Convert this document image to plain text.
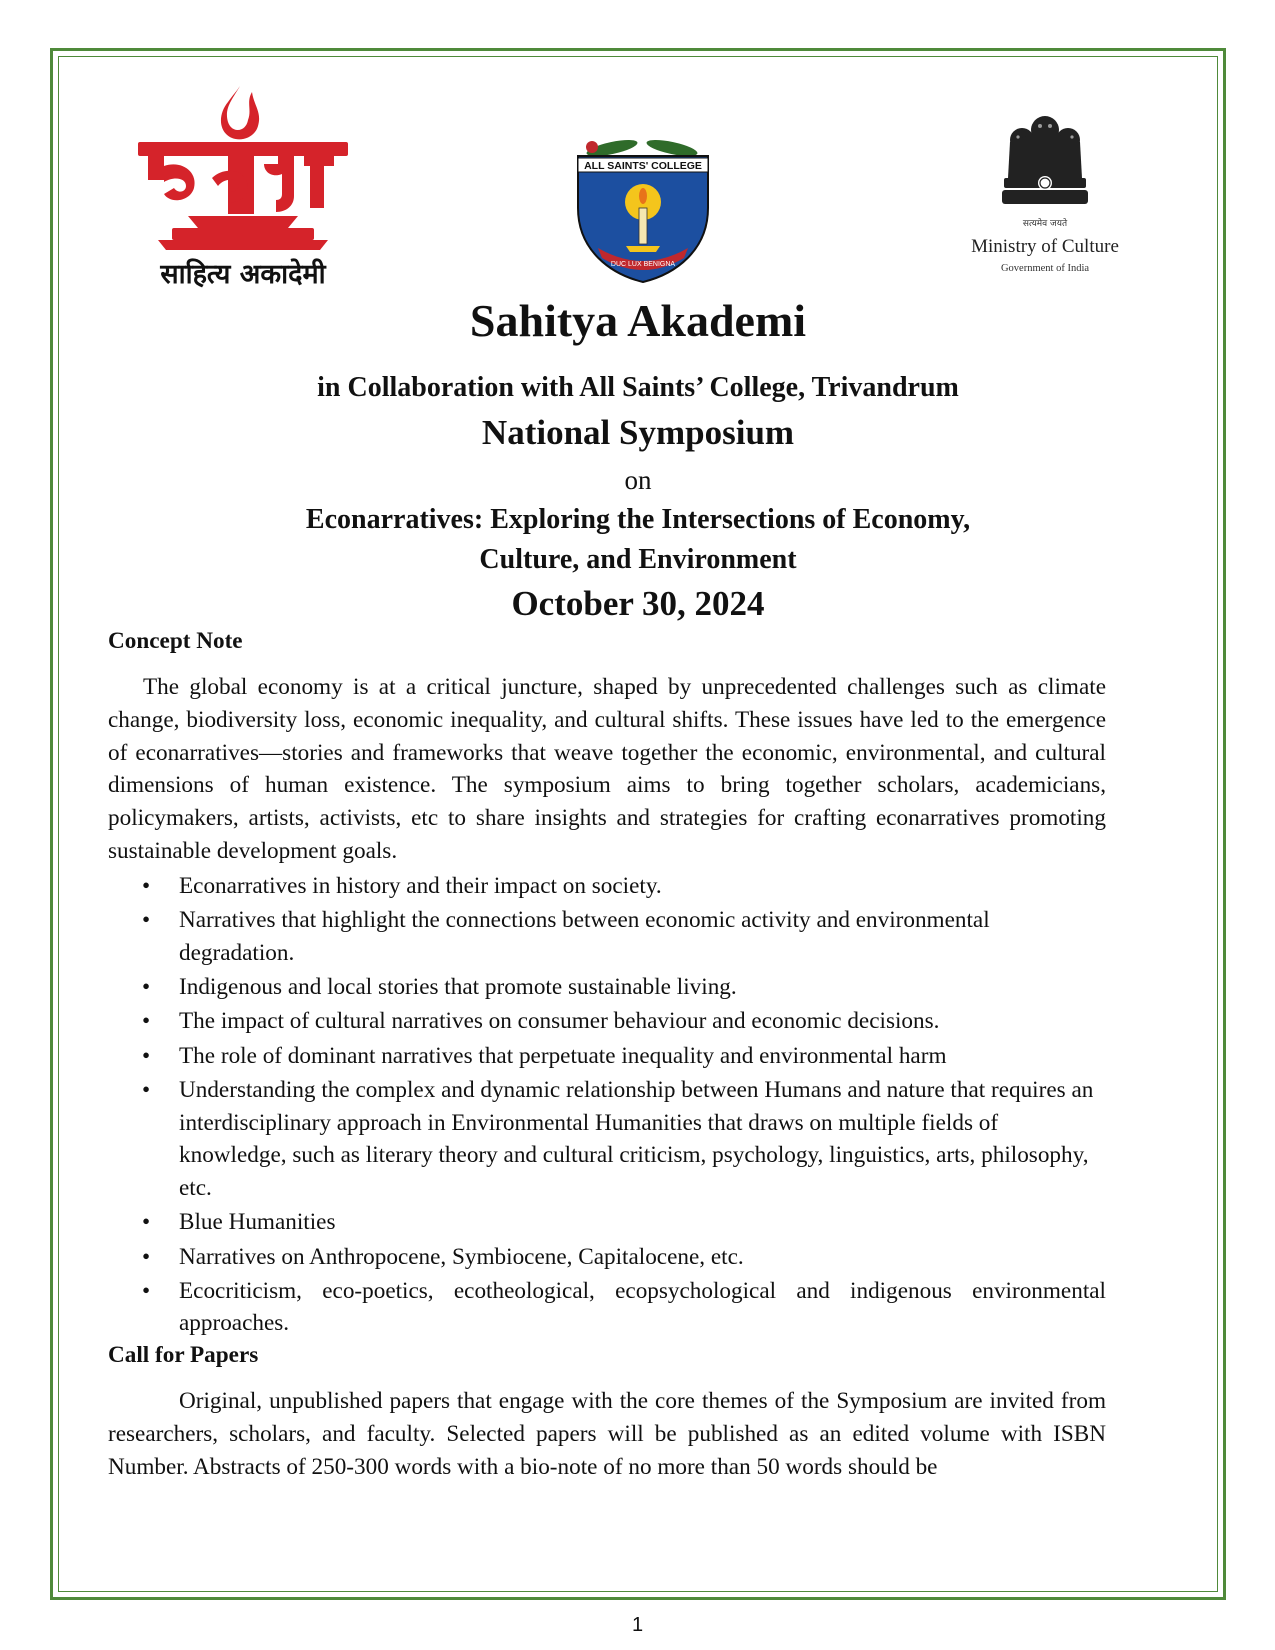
साहित्य अकादेमी
ALL SAINTS' COLLEGE
DUC LUX BENIGNA
सत्यमेव जयते
Ministry of Culture
Government of India
Sahitya Akademi
in Collaboration with All Saints’ College, Trivandrum
National Symposium
on
Econarratives: Exploring the Intersections of Economy,
Culture, and Environment
October 30, 2024
Concept Note
The global economy is at a critical juncture, shaped by unprecedented challenges such as climate change, biodiversity loss, economic inequality, and cultural shifts. These issues have led to the emergence of econarratives—stories and frameworks that weave together the economic, environmental, and cultural dimensions of human existence. The symposium aims to bring together scholars, academicians, policymakers, artists, activists, etc to share insights and strategies for crafting econarratives promoting sustainable development goals.
• Econarratives in history and their impact on society.
• Narratives that highlight the connections between economic activity and environmental degradation.
• Indigenous and local stories that promote sustainable living.
• The impact of cultural narratives on consumer behaviour and economic decisions.
• The role of dominant narratives that perpetuate inequality and environmental harm
• Understanding the complex and dynamic relationship between Humans and nature that requires an interdisciplinary approach in Environmental Humanities that draws on multiple fields of knowledge, such as literary theory and cultural criticism, psychology, linguistics, arts, philosophy, etc.
• Blue Humanities
• Narratives on Anthropocene, Symbiocene, Capitalocene, etc.
• Ecocriticism, eco-poetics, ecotheological, ecopsychological and indigenous environmental approaches.
Call for Papers
Original, unpublished papers that engage with the core themes of the Symposium are invited from researchers, scholars, and faculty. Selected papers will be published as an edited volume with ISBN Number. Abstracts of 250-300 words with a bio-note of no more than 50 words should be
1
